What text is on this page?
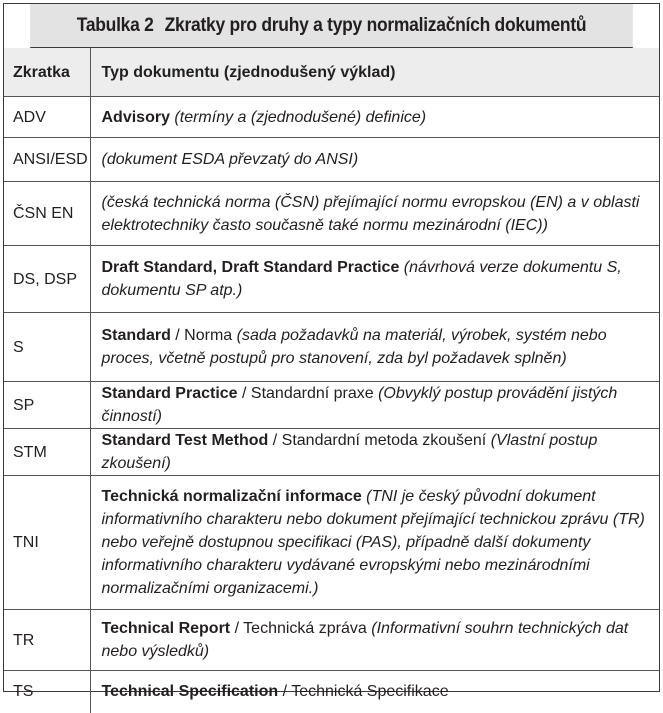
Tabulka 2 Zkratky pro druhy a typy normalizačních dokumentů
Zkratka	Typ dokumentu (zjednodušený výklad)
ADV	Advisory (termíny a (zjednodušené) definice)
ANSI/ESD	(dokument ESDA převzatý do ANSI)
ČSN EN	(česká technická norma (ČSN) přejímající normu evropskou (EN) a v oblasti elektrotechniky často současně také normu mezinárodní (IEC))
DS, DSP	Draft Standard, Draft Standard Practice (návrhová verze dokumentu S, dokumentu SP atp.)
S	Standard / Norma (sada požadavků na materiál, výrobek, systém nebo proces, včetně postupů pro stanovení, zda byl požadavek splněn)
SP	Standard Practice / Standardní praxe (Obvyklý postup provádění jistých činností)
STM	Standard Test Method / Standardní metoda zkoušení (Vlastní postup zkoušení)
TNI	Technická normalizační informace (TNI je český původní dokument informativního charakteru nebo dokument přejímající technickou zprávu (TR) nebo veřejně dostupnou specifikaci (PAS), případně další dokumenty informativního charakteru vydávané evropskými nebo mezinárodními normalizačními organizacemi.)
TR	Technical Report / Technická zpráva (Informativní souhrn technických dat nebo výsledků)
TS	Technical Specification / Technická Specifikace
